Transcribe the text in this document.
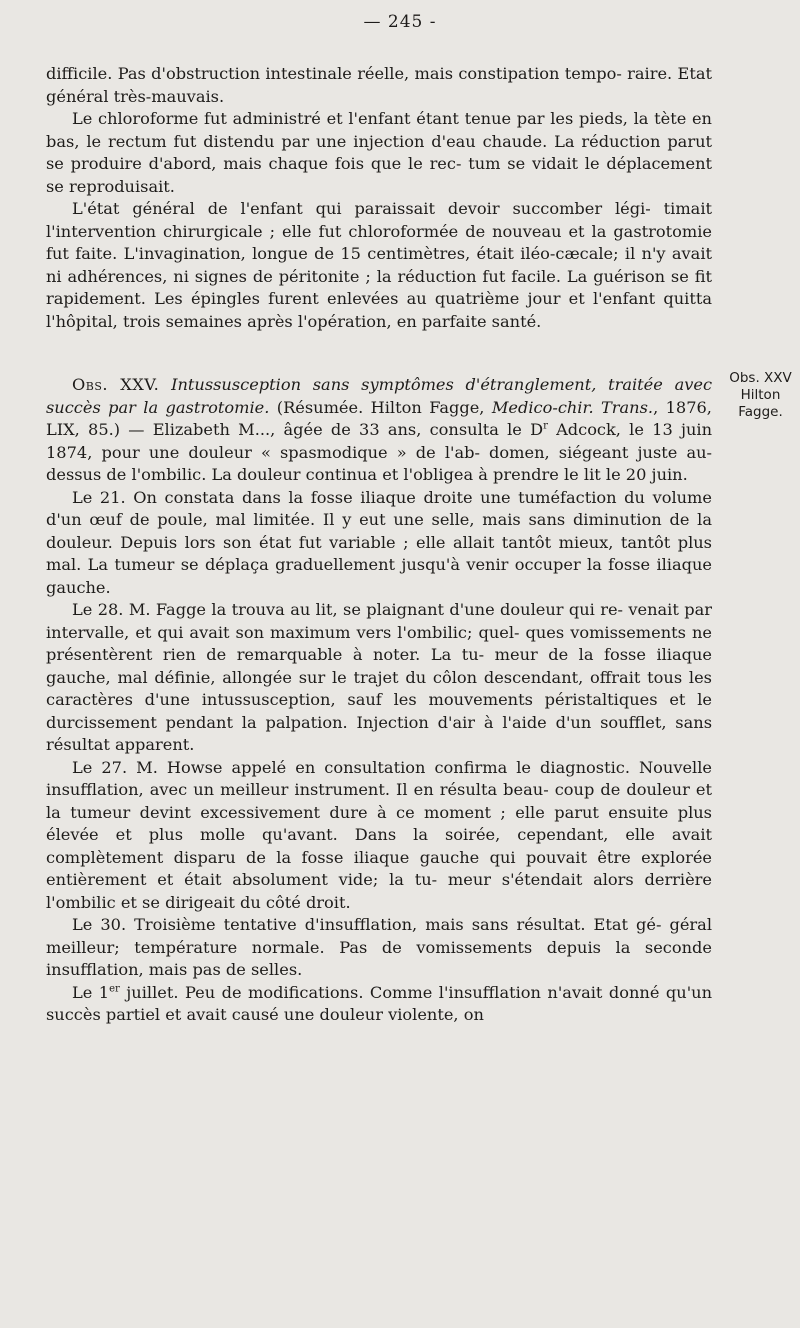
— 245 -

difficile. Pas d'obstruction intestinale réelle, mais constipation tempo- raire. Etat général très-mauvais.

Le chloroforme fut administré et l'enfant étant tenue par les pieds, la tète en bas, le rectum fut distendu par une injection d'eau chaude. La réduction parut se produire d'abord, mais chaque fois que le rec- tum se vidait le déplacement se reproduisait.

L'état général de l'enfant qui paraissait devoir succomber légi- timait l'intervention chirurgicale ; elle fut chloroformée de nouveau et la gastrotomie fut faite. L'invagination, longue de 15 centimètres, était iléo-cæcale; il n'y avait ni adhérences, ni signes de péritonite ; la réduction fut facile. La guérison se fit rapidement. Les épingles furent enlevées au quatrième jour et l'enfant quitta l'hôpital, trois semaines après l'opération, en parfaite santé.

Obs. XXV. Intussusception sans symptômes d'étranglement, traitée avec succès par la gastrotomie. (Résumée. Hilton Fagge, Medico-chir. Trans., 1876, LIX, 85.) — Elizabeth M..., âgée de 33 ans, consulta le $D^r$ Adcock, le 13 juin 1874, pour une douleur « spasmodique » de l'ab- domen, siégeant juste au-dessus de l'ombilic. La douleur continua et l'obligea à prendre le lit le 20 juin.

Le 21. On constata dans la fosse iliaque droite une tuméfaction du volume d'un œuf de poule, mal limitée. Il y eut une selle, mais sans diminution de la douleur. Depuis lors son état fut variable ; elle allait tantôt mieux, tantôt plus mal. La tumeur se déplaça graduellement jusqu'à venir occuper la fosse iliaque gauche.

Le 28. M. Fagge la trouva au lit, se plaignant d'une douleur qui re- venait par intervalle, et qui avait son maximum vers l'ombilic; quel- ques vomissements ne présentèrent rien de remarquable à noter. La tu- meur de la fosse iliaque gauche, mal définie, allongée sur le trajet du côlon descendant, offrait tous les caractères d'une intussusception, sauf les mouvements péristaltiques et le durcissement pendant la palpation. Injection d'air à l'aide d'un soufflet, sans résultat apparent.

Le 27. M. Howse appelé en consultation confirma le diagnostic. Nouvelle insufflation, avec un meilleur instrument. Il en résulta beau- coup de douleur et la tumeur devint excessivement dure à ce moment ; elle parut ensuite plus élevée et plus molle qu'avant. Dans la soirée, cependant, elle avait complètement disparu de la fosse iliaque gauche qui pouvait être explorée entièrement et était absolument vide; la tu- meur s'étendait alors derrière l'ombilic et se dirigeait du côté droit.

Le 30. Troisième tentative d'insufflation, mais sans résultat. Etat gé- géral meilleur; température normale. Pas de vomissements depuis la seconde insufflation, mais pas de selles.

Le 1er juillet. Peu de modifications. Comme l'insufflation n'avait donné qu'un succès partiel et avait causé une douleur violente, on

Obs. XXV
Hilton
Fagge.
